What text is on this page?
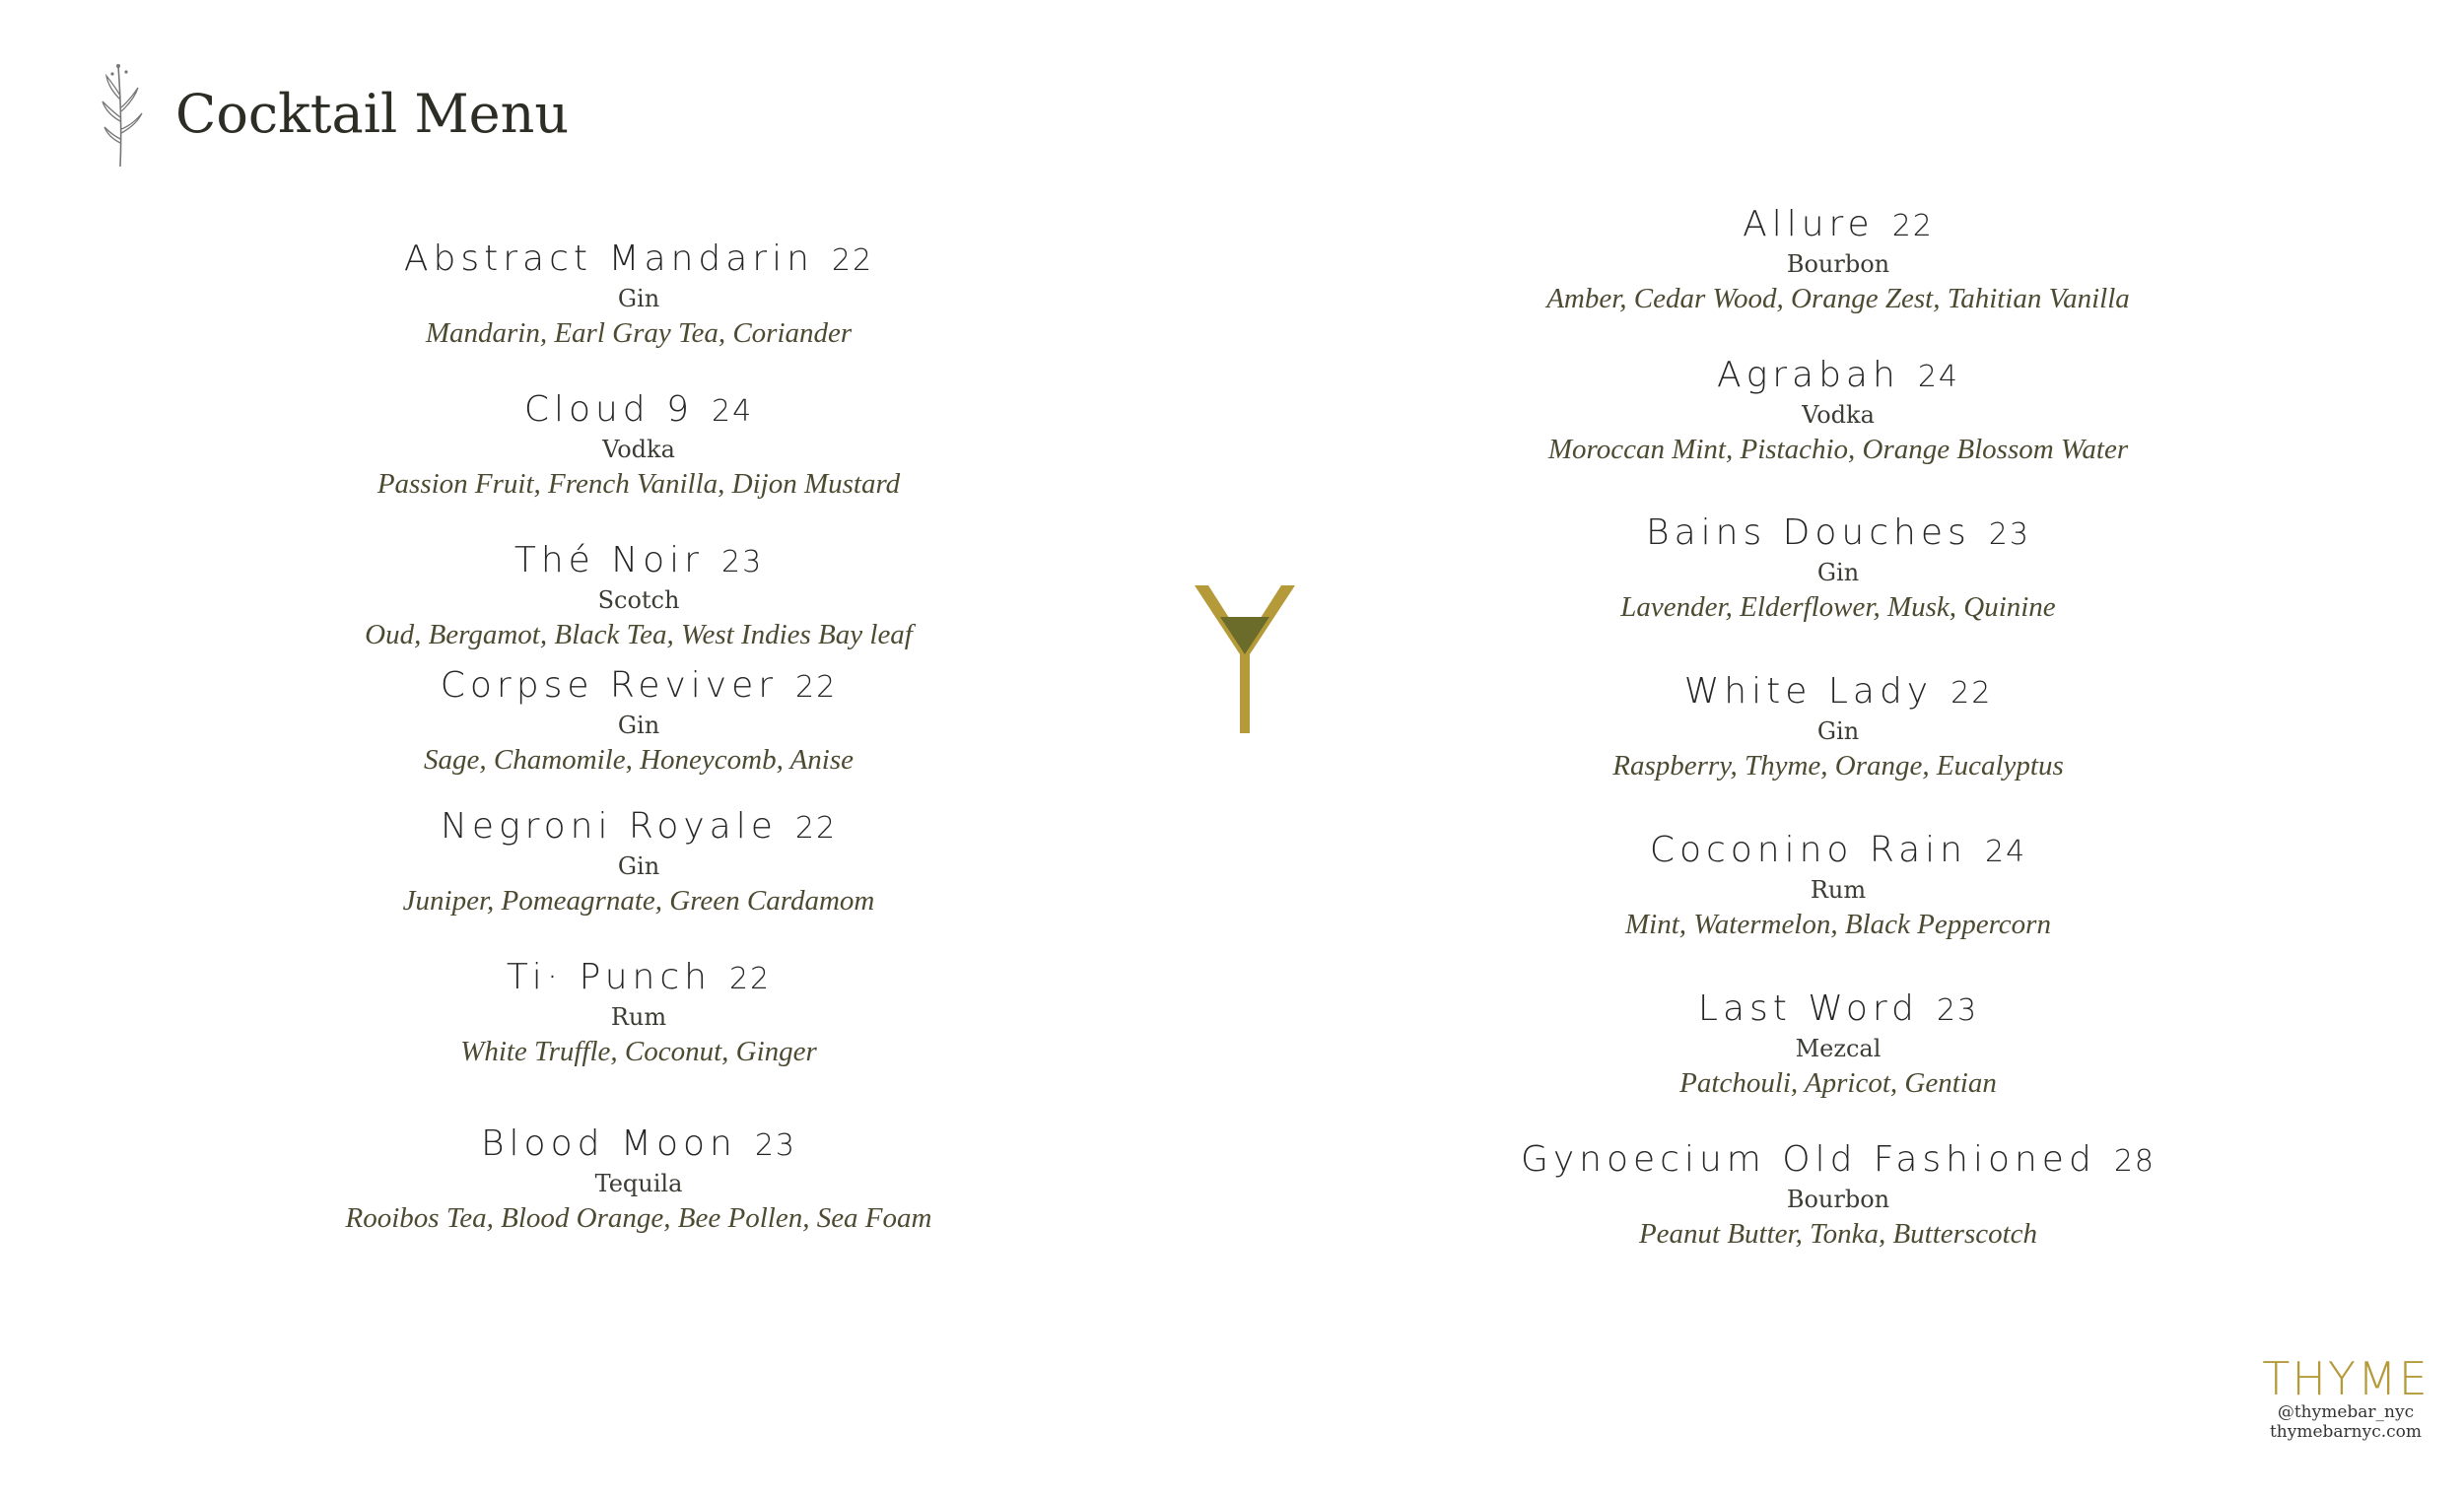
Cocktail Menu
Abstract Mandarin 22
Gin
Mandarin, Earl Gray Tea, Coriander
Cloud 9 24
Vodka
Passion Fruit, French Vanilla, Dijon Mustard
Thé Noir 23
Scotch
Oud, Bergamot, Black Tea, West Indies Bay leaf
Corpse Reviver 22
Gin
Sage, Chamomile, Honeycomb, Anise
Negroni Royale 22
Gin
Juniper, Pomeagrnate, Green Cardamom
Ti· Punch 22
Rum
White Truffle, Coconut, Ginger
Blood Moon 23
Tequila
Rooibos Tea, Blood Orange, Bee Pollen, Sea Foam
Allure 22
Bourbon
Amber, Cedar Wood, Orange Zest, Tahitian Vanilla
Agrabah 24
Vodka
Moroccan Mint, Pistachio, Orange Blossom Water
Bains Douches 23
Gin
Lavender, Elderflower, Musk, Quinine
White Lady 22
Gin
Raspberry, Thyme, Orange, Eucalyptus
Coconino Rain 24
Rum
Mint, Watermelon, Black Peppercorn
Last Word 23
Mezcal
Patchouli, Apricot, Gentian
Gynoecium Old Fashioned 28
Bourbon
Peanut Butter, Tonka, Butterscotch
THYME
@thymebar_nyc
thymebarnyc.com
